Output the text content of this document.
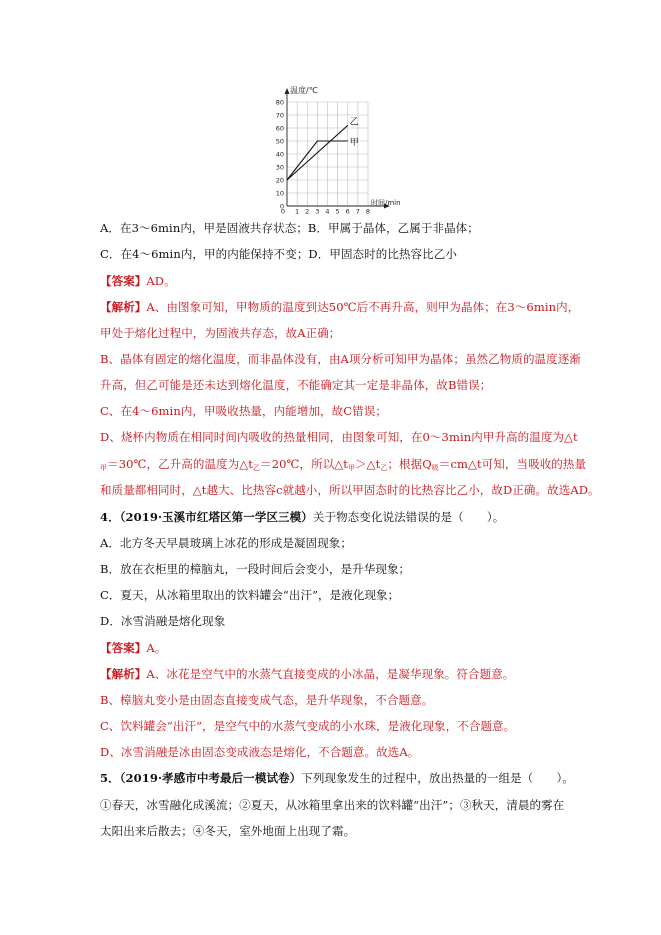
0
10
20
30
40
50
60
70
80
0 1 2 3 4 5 6 7 8
甲
乙
温度/℃
时间/min
A．在3～6min内，甲是固液共存状态；B．甲属于晶体，乙属于非晶体；
C．在4～6min内，甲的内能保持不变；D．甲固态时的比热容比乙小
【答案】AD。
【解析】A、由图象可知，甲物质的温度到达50℃后不再升高，则甲为晶体；在3～6min内，
甲处于熔化过程中，为固液共存态，故A正确；
B、晶体有固定的熔化温度，而非晶体没有，由A项分析可知甲为晶体；虽然乙物质的温度逐渐
升高，但乙可能是还未达到熔化温度，不能确定其一定是非晶体，故B错误；
C、在4～6min内，甲吸收热量，内能增加，故C错误；
D、烧杯内物质在相同时间内吸收的热量相同，由图象可知，在0～3min内甲升高的温度为△t
$_甲$＝30℃，乙升高的温度为$\triangle t_乙=20℃$，所以$\triangle t_甲>\triangle t_乙$；根据$Q_吸=cm\triangle t$可知，当吸收的热量
和质量都相同时，△t越大、比热容c就越小，所以甲固态时的比热容比乙小，故D正确。故选AD。
4．（2019·玉溪市红塔区第一学区三模）关于物态变化说法错误的是（　　）。
A．北方冬天早晨玻璃上冰花的形成是凝固现象；
B．放在衣柜里的樟脑丸，一段时间后会变小，是升华现象；
C．夏天，从冰箱里取出的饮料罐会“出汗”，是液化现象；
D．冰雪消融是熔化现象
【答案】A。
【解析】A、冰花是空气中的水蒸气直接变成的小冰晶，是凝华现象。符合题意。
B、樟脑丸变小是由固态直接变成气态，是升华现象，不合题意。
C、饮料罐会“出汗”，是空气中的水蒸气变成的小水珠，是液化现象，不合题意。
D、冰雪消融是冰由固态变成液态是熔化，不合题意。故选A。
5．（2019·孝感市中考最后一模试卷）下列现象发生的过程中，放出热量的一组是（　　）。
①春天，冰雪融化成溪流；②夏天，从冰箱里拿出来的饮料罐“出汗”；③秋天，清晨的雾在
太阳出来后散去；④冬天，室外地面上出现了霜。
